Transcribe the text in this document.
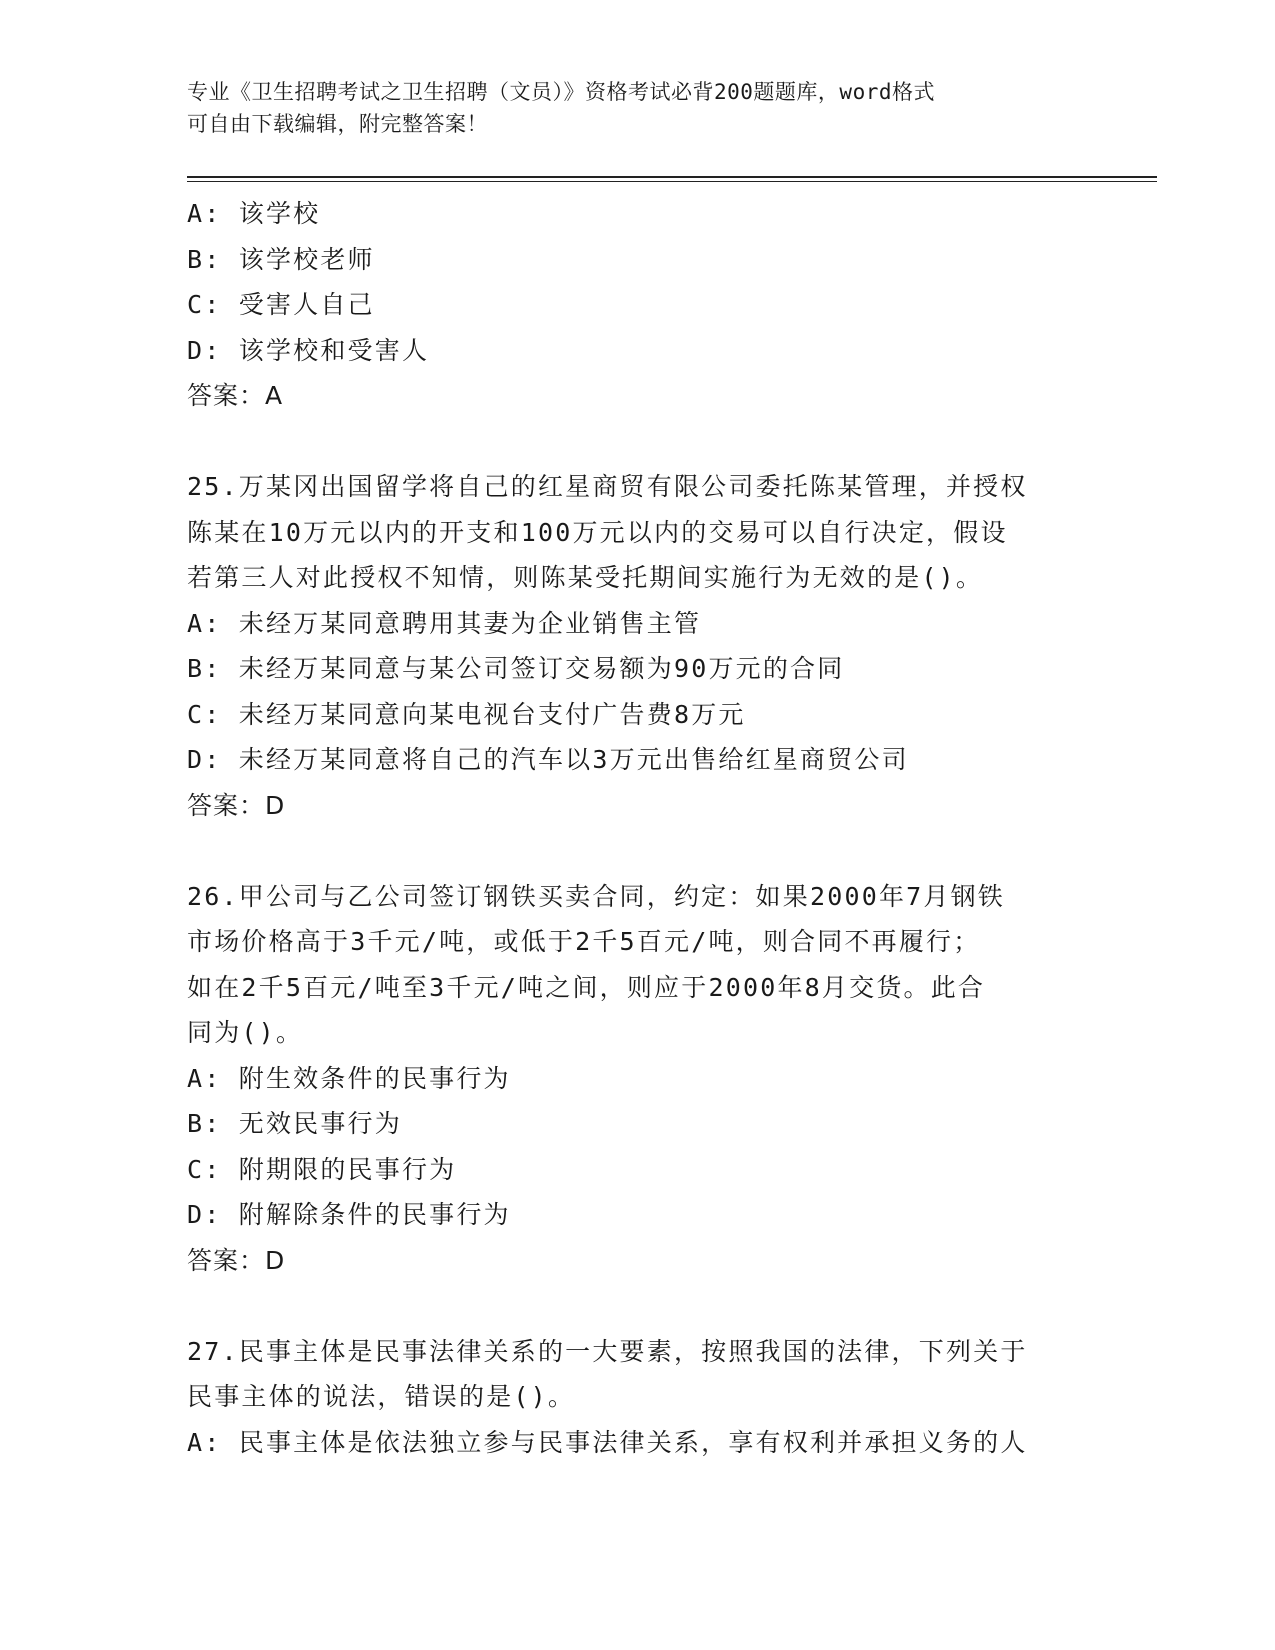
专业《卫生招聘考试之卫生招聘（文员）》资格考试必背200题题库，word格式
可自由下载编辑，附完整答案！
A: 该学校
B: 该学校老师
C: 受害人自己
D: 该学校和受害人
答案：A
25.万某冈出国留学将自己的红星商贸有限公司委托陈某管理，并授权
陈某在10万元以内的开支和100万元以内的交易可以自行决定，假设
若第三人对此授权不知情，则陈某受托期间实施行为无效的是()。
A: 未经万某同意聘用其妻为企业销售主管
B: 未经万某同意与某公司签订交易额为90万元的合同
C: 未经万某同意向某电视台支付广告费8万元
D: 未经万某同意将自己的汽车以3万元出售给红星商贸公司
答案：D
26.甲公司与乙公司签订钢铁买卖合同，约定：如果2000年7月钢铁
市场价格高于3千元/吨，或低于2千5百元/吨，则合同不再履行；
如在2千5百元/吨至3千元/吨之间，则应于2000年8月交货。此合
同为()。
A: 附生效条件的民事行为
B: 无效民事行为
C: 附期限的民事行为
D: 附解除条件的民事行为
答案：D
27.民事主体是民事法律关系的一大要素，按照我国的法律，下列关于
民事主体的说法，错误的是()。
A: 民事主体是依法独立参与民事法律关系，享有权利并承担义务的人
